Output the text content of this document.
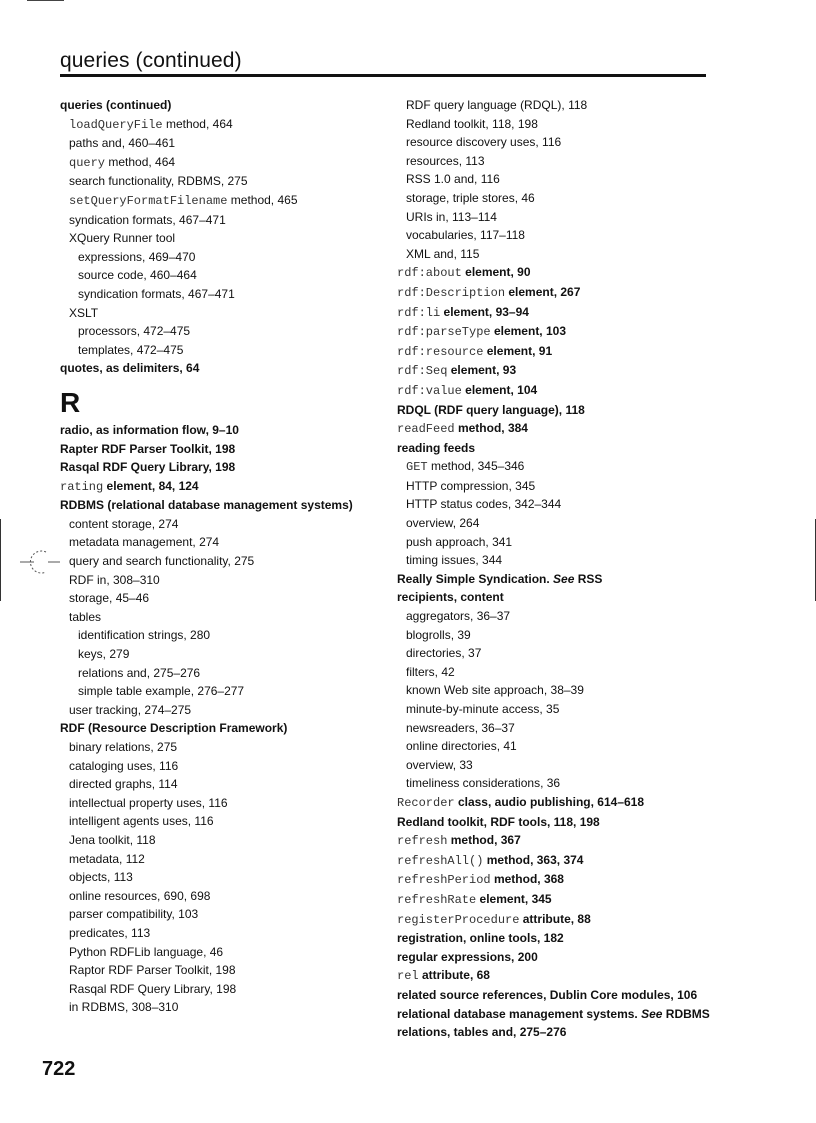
queries (continued)
queries (continued)
loadQueryFile method, 464
paths and, 460–461
query method, 464
search functionality, RDBMS, 275
setQueryFormatFilename method, 465
syndication formats, 467–471
XQuery Runner tool
expressions, 469–470
source code, 460–464
syndication formats, 467–471
XSLT
processors, 472–475
templates, 472–475
quotes, as delimiters, 64
R
radio, as information flow, 9–10
Rapter RDF Parser Toolkit, 198
Rasqal RDF Query Library, 198
rating element, 84, 124
RDBMS (relational database management systems)
content storage, 274
metadata management, 274
query and search functionality, 275
RDF in, 308–310
storage, 45–46
tables
identification strings, 280
keys, 279
relations and, 275–276
simple table example, 276–277
user tracking, 274–275
RDF (Resource Description Framework)
binary relations, 275
cataloging uses, 116
directed graphs, 114
intellectual property uses, 116
intelligent agents uses, 116
Jena toolkit, 118
metadata, 112
objects, 113
online resources, 690, 698
parser compatibility, 103
predicates, 113
Python RDFLib language, 46
Raptor RDF Parser Toolkit, 198
Rasqal RDF Query Library, 198
in RDBMS, 308–310
RDF query language (RDQL), 118
Redland toolkit, 118, 198
resource discovery uses, 116
resources, 113
RSS 1.0 and, 116
storage, triple stores, 46
URIs in, 113–114
vocabularies, 117–118
XML and, 115
rdf:about element, 90
rdf:Description element, 267
rdf:li element, 93–94
rdf:parseType element, 103
rdf:resource element, 91
rdf:Seq element, 93
rdf:value element, 104
RDQL (RDF query language), 118
readFeed method, 384
reading feeds
GET method, 345–346
HTTP compression, 345
HTTP status codes, 342–344
overview, 264
push approach, 341
timing issues, 344
Really Simple Syndication. See RSS
recipients, content
aggregators, 36–37
blogrolls, 39
directories, 37
filters, 42
known Web site approach, 38–39
minute-by-minute access, 35
newsreaders, 36–37
online directories, 41
overview, 33
timeliness considerations, 36
Recorder class, audio publishing, 614–618
Redland toolkit, RDF tools, 118, 198
refresh method, 367
refreshAll() method, 363, 374
refreshPeriod method, 368
refreshRate element, 345
registerProcedure attribute, 88
registration, online tools, 182
regular expressions, 200
rel attribute, 68
related source references, Dublin Core modules, 106
relational database management systems. See RDBMS
relations, tables and, 275–276
722
